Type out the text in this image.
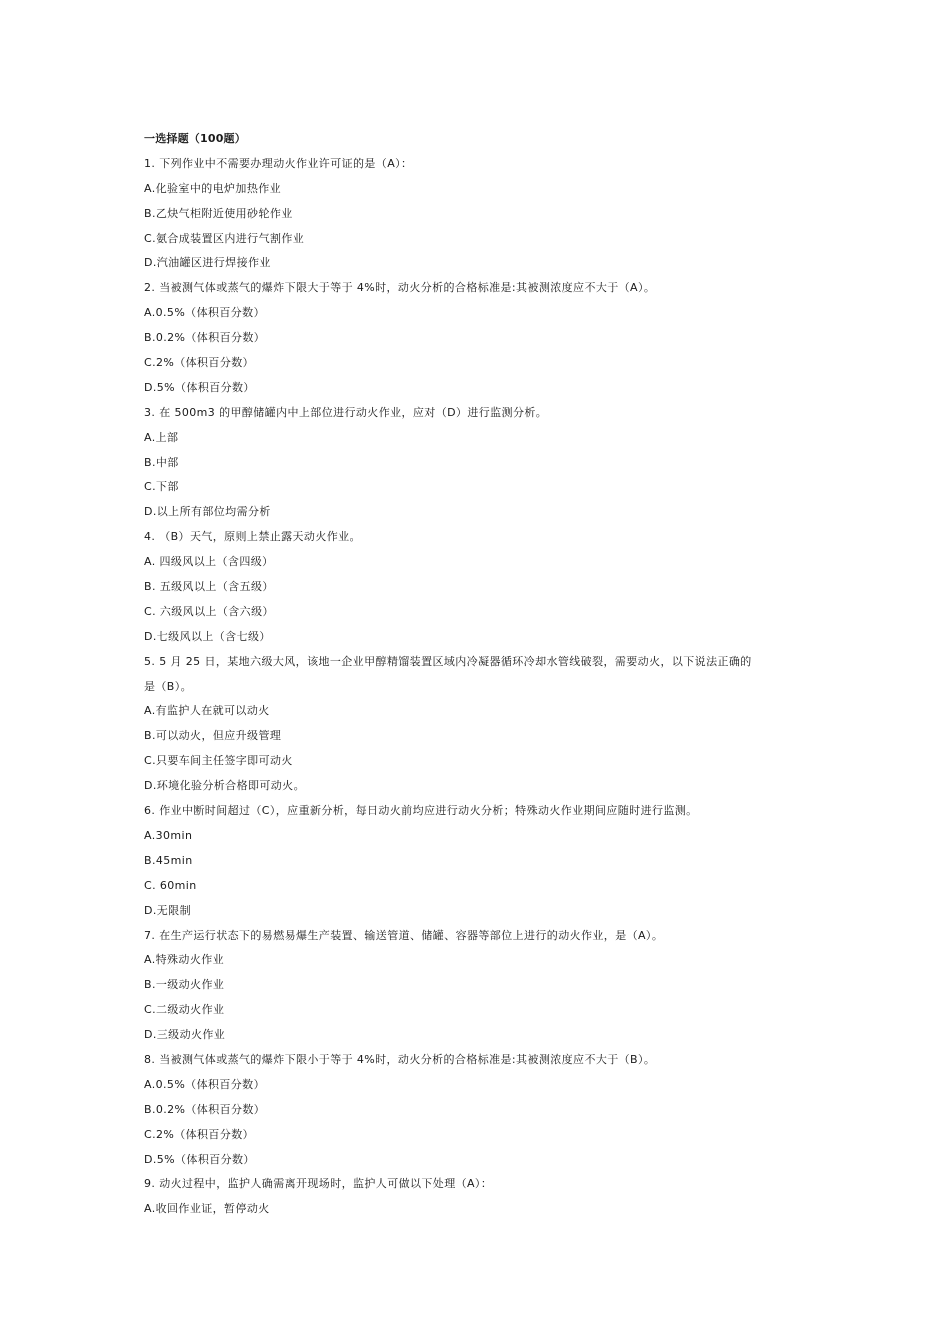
一选择题（100题）
1. 下列作业中不需要办理动火作业许可证的是（A）：
A.化验室中的电炉加热作业
B.乙炔气柜附近使用砂轮作业
C.氨合成装置区内进行气割作业
D.汽油罐区进行焊接作业
2. 当被测气体或蒸气的爆炸下限大于等于 4%时，动火分析的合格标准是:其被测浓度应不大于（A）。
A.0.5%（体积百分数）
B.0.2%（体积百分数）
C.2%（体积百分数）
D.5%（体积百分数）
3. 在 500m3 的甲醇储罐内中上部位进行动火作业，应对（D）进行监测分析。
A.上部
B.中部
C.下部
D.以上所有部位均需分析
4. （B）天气，原则上禁止露天动火作业。
A. 四级风以上（含四级）
B. 五级风以上（含五级）
C. 六级风以上（含六级）
D.七级风以上（含七级）
5. 5 月 25 日，某地六级大风，该地一企业甲醇精馏装置区域内冷凝器循环冷却水管线破裂，需要动火，以下说法正确的
是（B）。
A.有监护人在就可以动火
B.可以动火，但应升级管理
C.只要车间主任签字即可动火
D.环境化验分析合格即可动火。
6. 作业中断时间超过（C），应重新分析，每日动火前均应进行动火分析；特殊动火作业期间应随时进行监测。
A.30min
B.45min
C. 60min
D.无限制
7. 在生产运行状态下的易燃易爆生产装置、输送管道、储罐、容器等部位上进行的动火作业，是（A）。
A.特殊动火作业
B.一级动火作业
C.二级动火作业
D.三级动火作业
8. 当被测气体或蒸气的爆炸下限小于等于 4%时，动火分析的合格标准是:其被测浓度应不大于（B）。
A.0.5%（体积百分数）
B.0.2%（体积百分数）
C.2%（体积百分数）
D.5%（体积百分数）
9. 动火过程中，监护人确需离开现场时，监护人可做以下处理（A）：
A.收回作业证，暂停动火
